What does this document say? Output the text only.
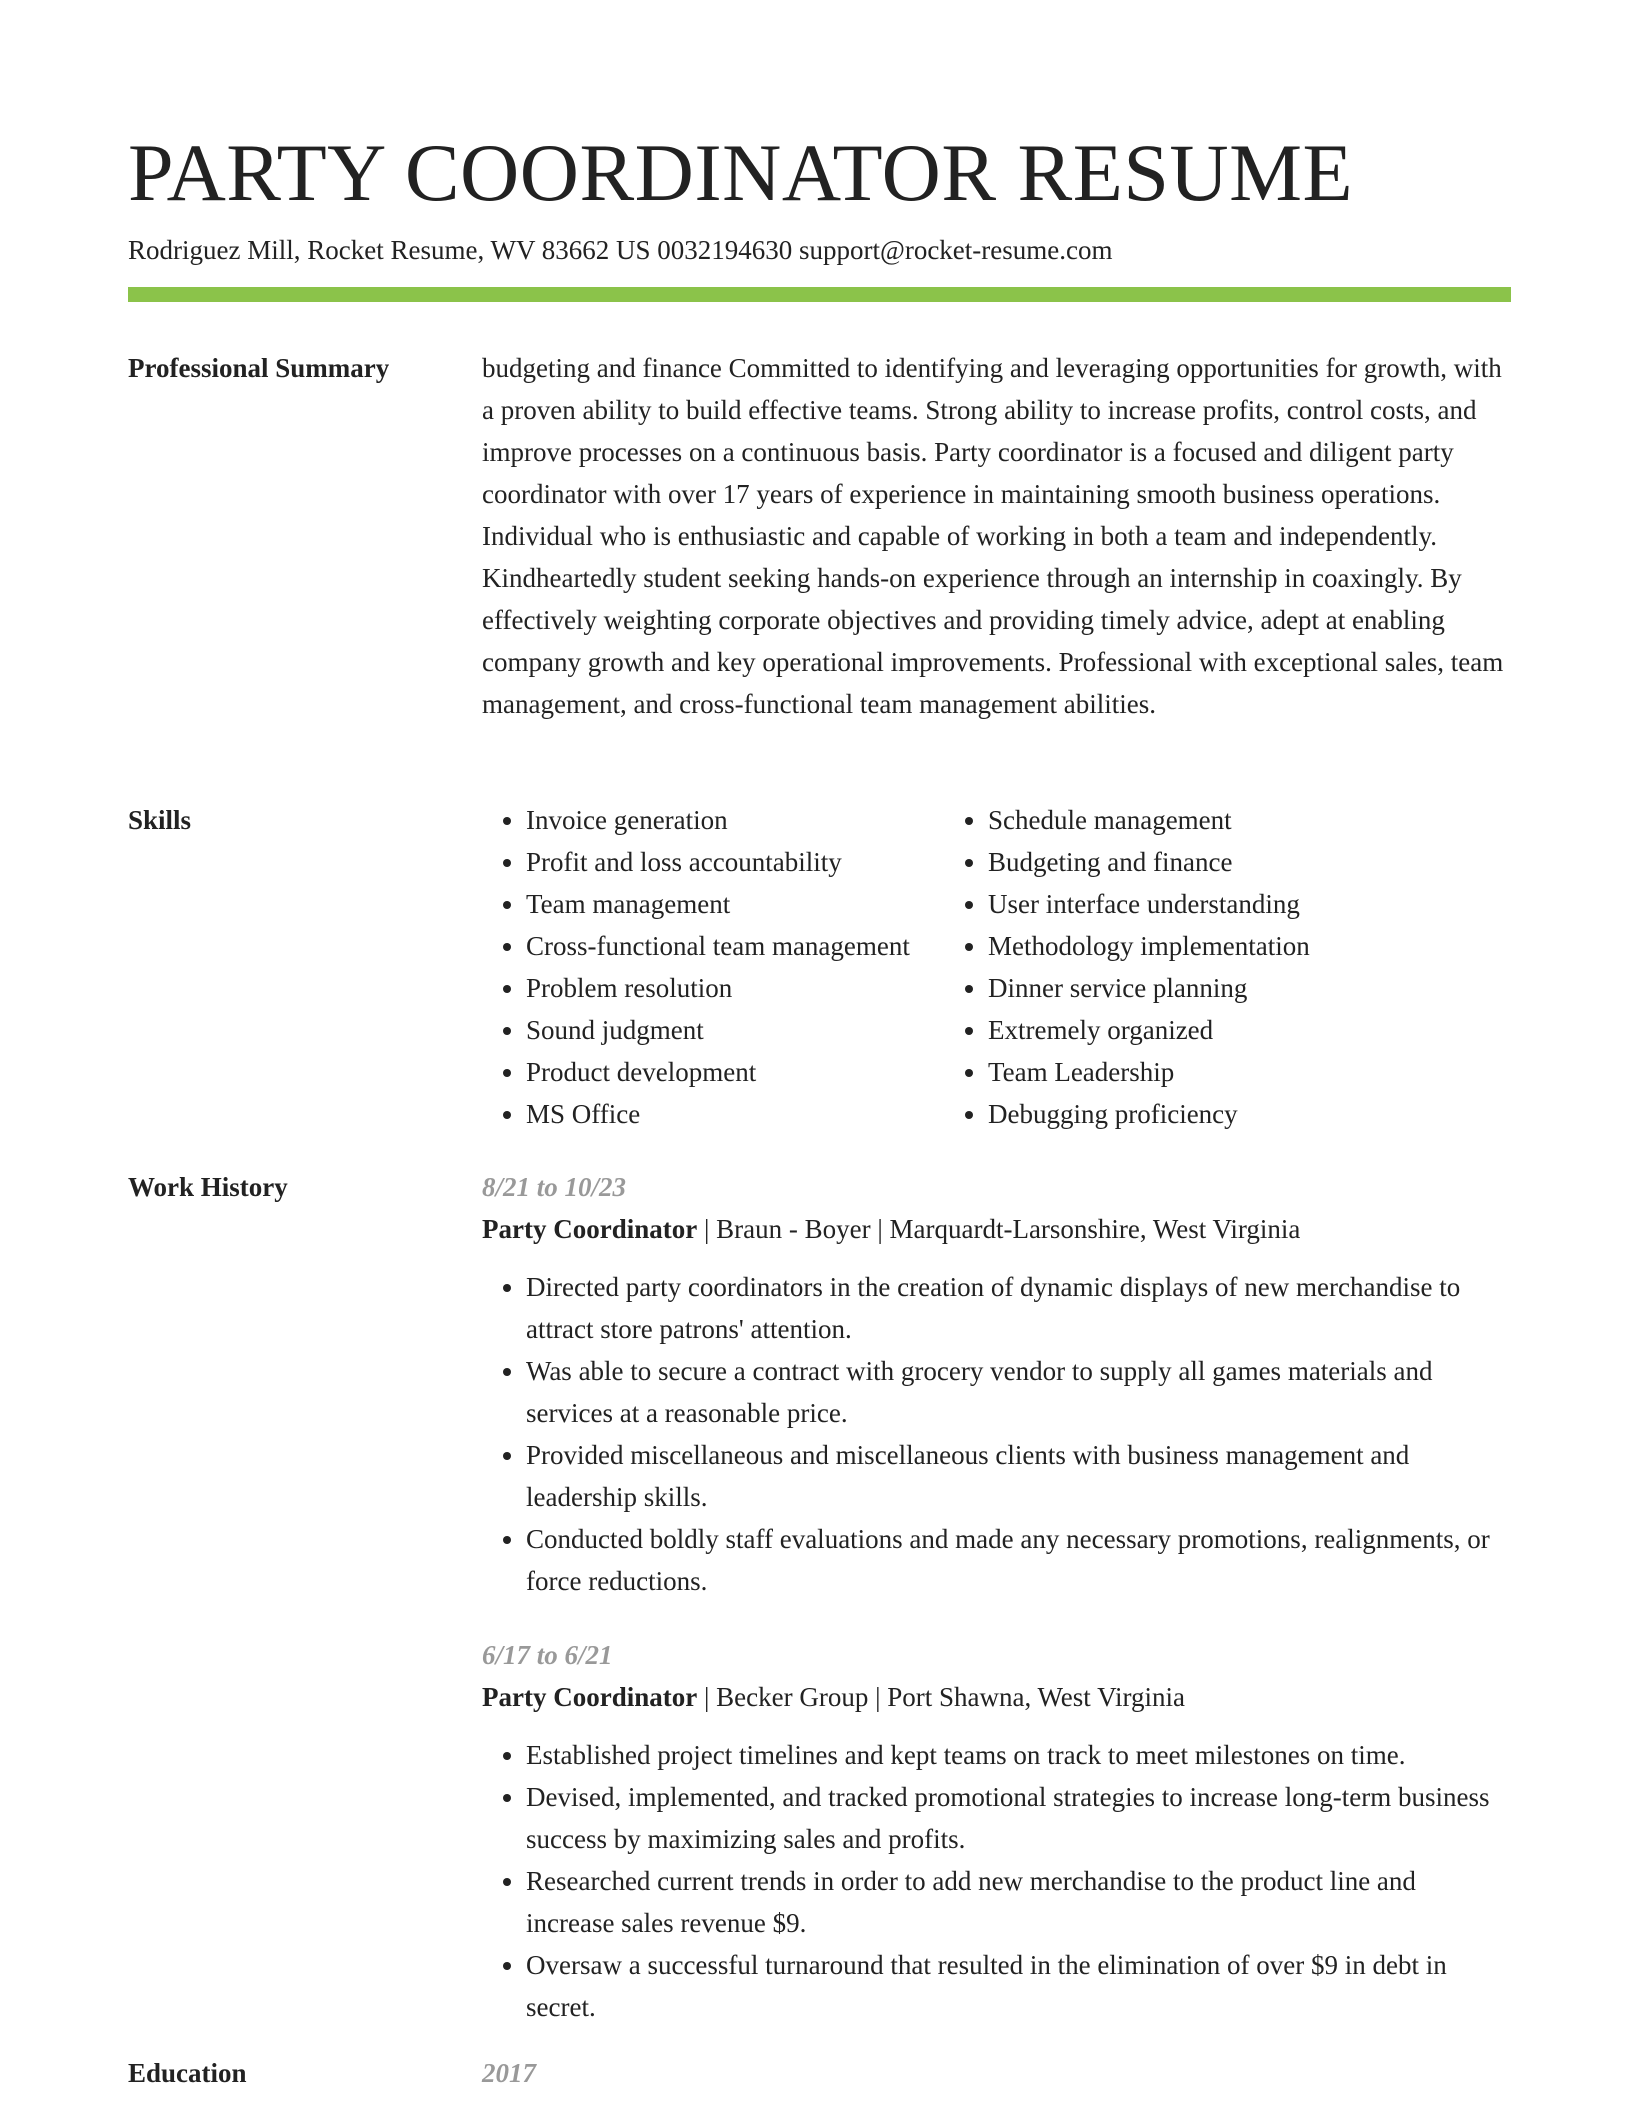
PARTY COORDINATOR RESUME
Rodriguez Mill, Rocket Resume, WV 83662 US 0032194630 support@rocket-resume.com
Professional Summary	budgeting and finance Committed to identifying and leveraging opportunities for growth, with a proven ability to build effective teams. Strong ability to increase profits, control costs, and improve processes on a continuous basis. Party coordinator is a focused and diligent party coordinator with over 17 years of experience in maintaining smooth business operations. Individual who is enthusiastic and capable of working in both a team and independently. Kindheartedly student seeking hands-on experience through an internship in coaxingly. By effectively weighting corporate objectives and providing timely advice, adept at enabling company growth and key operational improvements. Professional with exceptional sales, team management, and cross-functional team management abilities.

Skills
•	Invoice generation
• Profit and loss accountability
• Team management
• Cross-functional team management
• Problem resolution
• Sound judgment
• Product development
• MS Office
• Schedule management
• Budgeting and finance
• User interface understanding
• Methodology implementation
• Dinner service planning
• Extremely organized
• Team Leadership
• Debugging proficiency
Work History	8/21 to 10/23

Party Coordinator | Braun - Boyer | Marquardt-Larsonshire, West Virginia

• Directed party coordinators in the creation of dynamic displays of new merchandise to attract store patrons' attention.
• Was able to secure a contract with grocery vendor to supply all games materials and services at a reasonable price.
• Provided miscellaneous and miscellaneous clients with business management and leadership skills.
• Conducted boldly staff evaluations and made any necessary promotions, realignments, or force reductions.

6/17 to 6/21

Party Coordinator | Becker Group | Port Shawna, West Virginia

• Established project timelines and kept teams on track to meet milestones on time.
• Devised, implemented, and tracked promotional strategies to increase long-term business success by maximizing sales and profits.
• Researched current trends in order to add new merchandise to the product line and increase sales revenue $9.
• Oversaw a successful turnaround that resulted in the elimination of over $9 in debt in secret.
Education	2017
